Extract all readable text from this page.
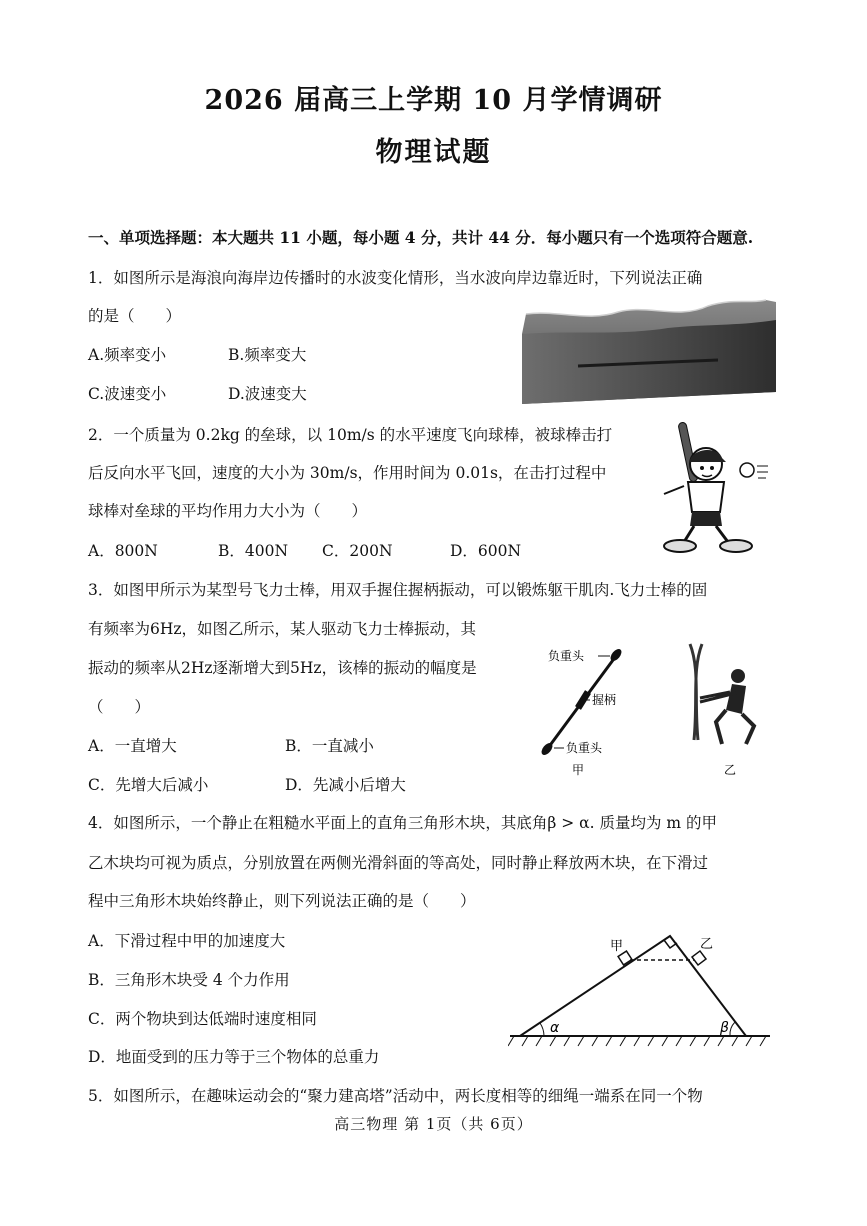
2026 届高三上学期 10 月学情调研
物理试题
一、单项选择题：本大题共 11 小题，每小题 4 分，共计 44 分．每小题只有一个选项符合题意.
1．如图所示是海浪向海岸边传播时的水波变化情形，当水波向岸边靠近时，下列说法正确
的是（　　）
A.频率变小	B.频率变大
C.波速变小	D.波速变大
2．一个质量为 0.2kg 的垒球，以 10m/s 的水平速度飞向球棒，被球棒击打
后反向水平飞回，速度的大小为 30m/s，作用时间为 0.01s，在击打过程中
球棒对垒球的平均作用力大小为（　　）
A．800N	B．400N C．200N	D．600N
3．如图甲所示为某型号飞力士棒，用双手握住握柄振动，可以锻炼躯干肌肉.飞力士棒的固
有频率为6Hz，如图乙所示，某人驱动飞力士棒振动，其
振动的频率从2Hz逐渐增大到5Hz，该棒的振动的幅度是
（　　）
A．一直增大	B．一直减小
C．先增大后减小	D．先减小后增大
负重头
握柄
负重头
甲	乙
4．如图所示，一个静止在粗糙水平面上的直角三角形木块，其底角β > α. 质量均为 m 的甲
乙木块均可视为质点，分别放置在两侧光滑斜面的等高处，同时静止释放两木块，在下滑过
程中三角形木块始终静止，则下列说法正确的是（　　）
A．下滑过程中甲的加速度大
B．三角形木块受 4 个力作用
C．两个物块到达低端时速度相同
D．地面受到的压力等于三个物体的总重力
甲	乙
α	β
5．如图所示，在趣味运动会的“聚力建高塔”活动中，两长度相等的细绳一端系在同一个物
高三物理 第 1页（共 6页）
